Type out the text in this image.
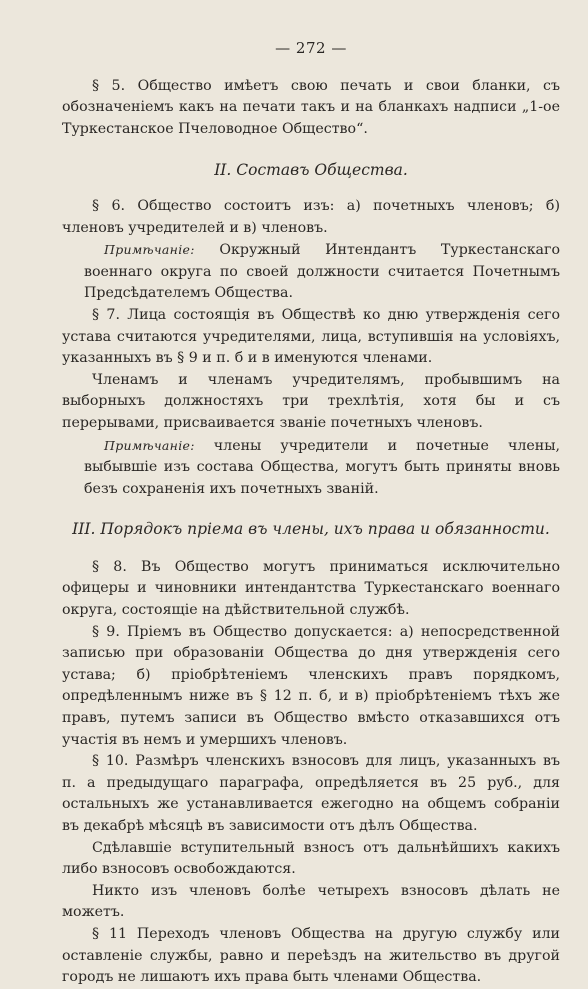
— 272 —

§ 5. Общество имѣетъ свою печать и свои бланки, съ обозначеніемъ какъ на печати такъ и на бланкахъ надписи „1-ое Туркестанское Пчеловодное Общество“.

II. Составъ Общества.

§ 6. Общество состоитъ изъ: а) почетныхъ членовъ; б) членовъ учредителей и в) членовъ.

Примѣчаніе: Окружный Интендантъ Туркестанскаго военнаго округа по своей должности считается Почетнымъ Предсѣдателемъ Общества.

§ 7. Лица состоящія въ Обществѣ ко дню утвержденія сего устава считаются учредителями, лица, вступившія на условіяхъ, указанныхъ въ § 9 и п. б и в именуются членами.

Членамъ и членамъ учредителямъ, пробывшимъ на выборныхъ должностяхъ три трехлѣтія, хотя бы и съ перерывами, присваивается званіе почетныхъ членовъ.

Примѣчаніе: члены учредители и почетные члены, выбывшіе изъ состава Общества, могутъ быть приняты вновь безъ сохраненія ихъ почетныхъ званій.
III. Порядокъ пріема въ члены, ихъ права и обязанности.

§ 8. Въ Общество могутъ приниматься исключительно офицеры и чиновники интендантства Туркестанскаго военнаго округа, состоящіе на дѣйствительной службѣ.

§ 9. Пріемъ въ Общество допускается: а) непосредственной записью при образованіи Общества до дня утвержденія сего устава; б) пріобрѣтеніемъ членскихъ правъ порядкомъ, опредѣленнымъ ниже въ § 12 п. б, и в) пріобрѣтеніемъ тѣхъ же правъ, путемъ записи въ Общество вмѣсто отказавшихся отъ участія въ немъ и умершихъ членовъ.

§ 10. Размѣръ членскихъ взносовъ для лицъ, указанныхъ въ п. а предыдущаго параграфа, опредѣляется въ 25 руб., для остальныхъ же устанавливается ежегодно на общемъ собраніи въ декабрѣ мѣсяцѣ въ зависимости отъ дѣлъ Общества.

Сдѣлавшіе вступительный взносъ отъ дальнѣйшихъ какихъ либо взносовъ освобождаются.

Никто изъ членовъ болѣе четырехъ взносовъ дѣлать не можетъ.

§ 11 Переходъ членовъ Общества на другую службу или оставленіе службы, равно и переѣздъ на жительство въ другой городъ не лишаютъ ихъ права быть членами Общества.
